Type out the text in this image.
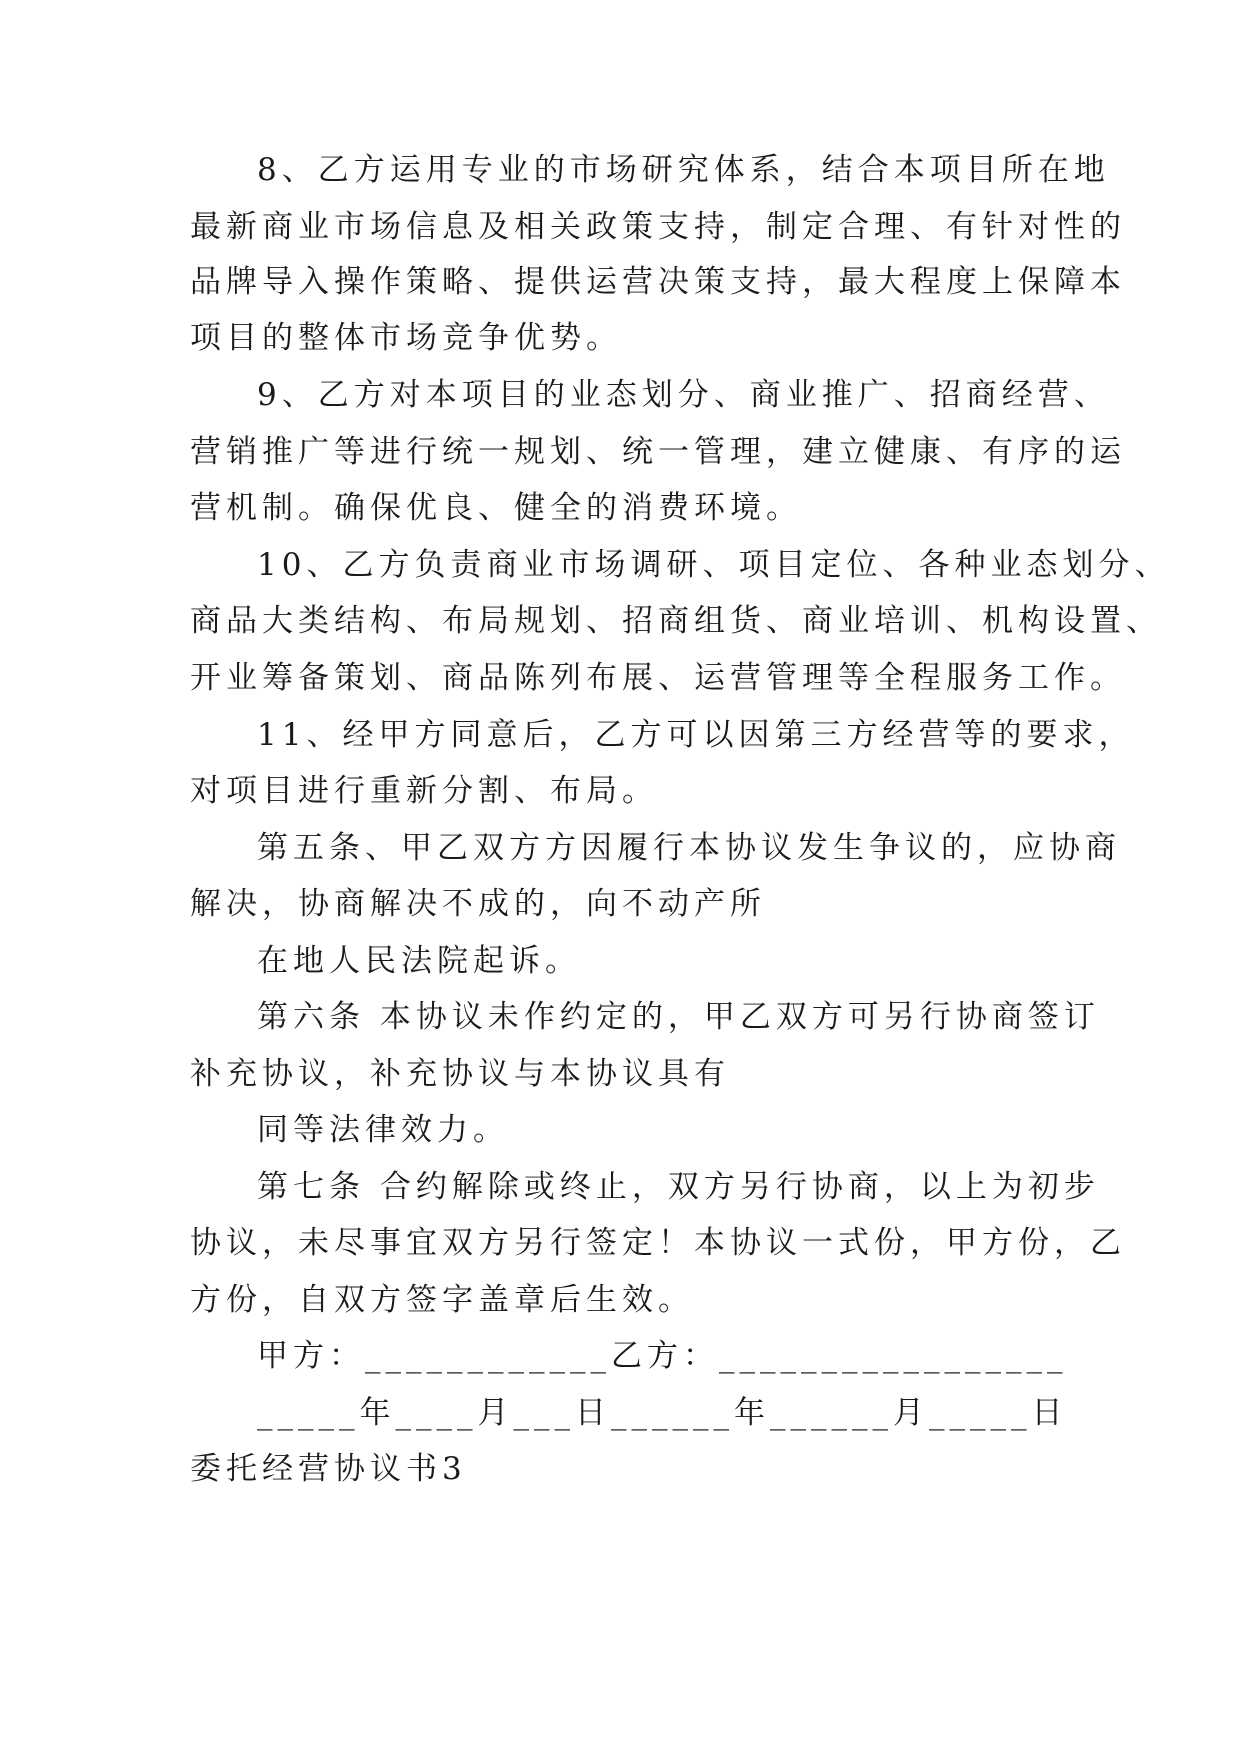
8、乙方运用专业的市场研究体系，结合本项目所在地
最新商业市场信息及相关政策支持，制定合理、有针对性的
品牌导入操作策略、提供运营决策支持，最大程度上保障本
项目的整体市场竞争优势。
9、乙方对本项目的业态划分、商业推广、招商经营、
营销推广等进行统一规划、统一管理，建立健康、有序的运
营机制。确保优良、健全的消费环境。
10、乙方负责商业市场调研、项目定位、各种业态划分、
商品大类结构、布局规划、招商组货、商业培训、机构设置、
开业筹备策划、商品陈列布展、运营管理等全程服务工作。
11、经甲方同意后，乙方可以因第三方经营等的要求，
对项目进行重新分割、布局。
第五条、甲乙双方方因履行本协议发生争议的，应协商
解决，协商解决不成的，向不动产所
在地人民法院起诉。
第六条 本协议未作约定的，甲乙双方可另行协商签订
补充协议，补充协议与本协议具有
同等法律效力。
第七条 合约解除或终止，双方另行协商，以上为初步
协议，未尽事宜双方另行签定！本协议一式份，甲方份，乙
方份，自双方签字盖章后生效。
甲方：____________乙方：_________________
_____年____月___日______年______月_____日
委托经营协议书3
